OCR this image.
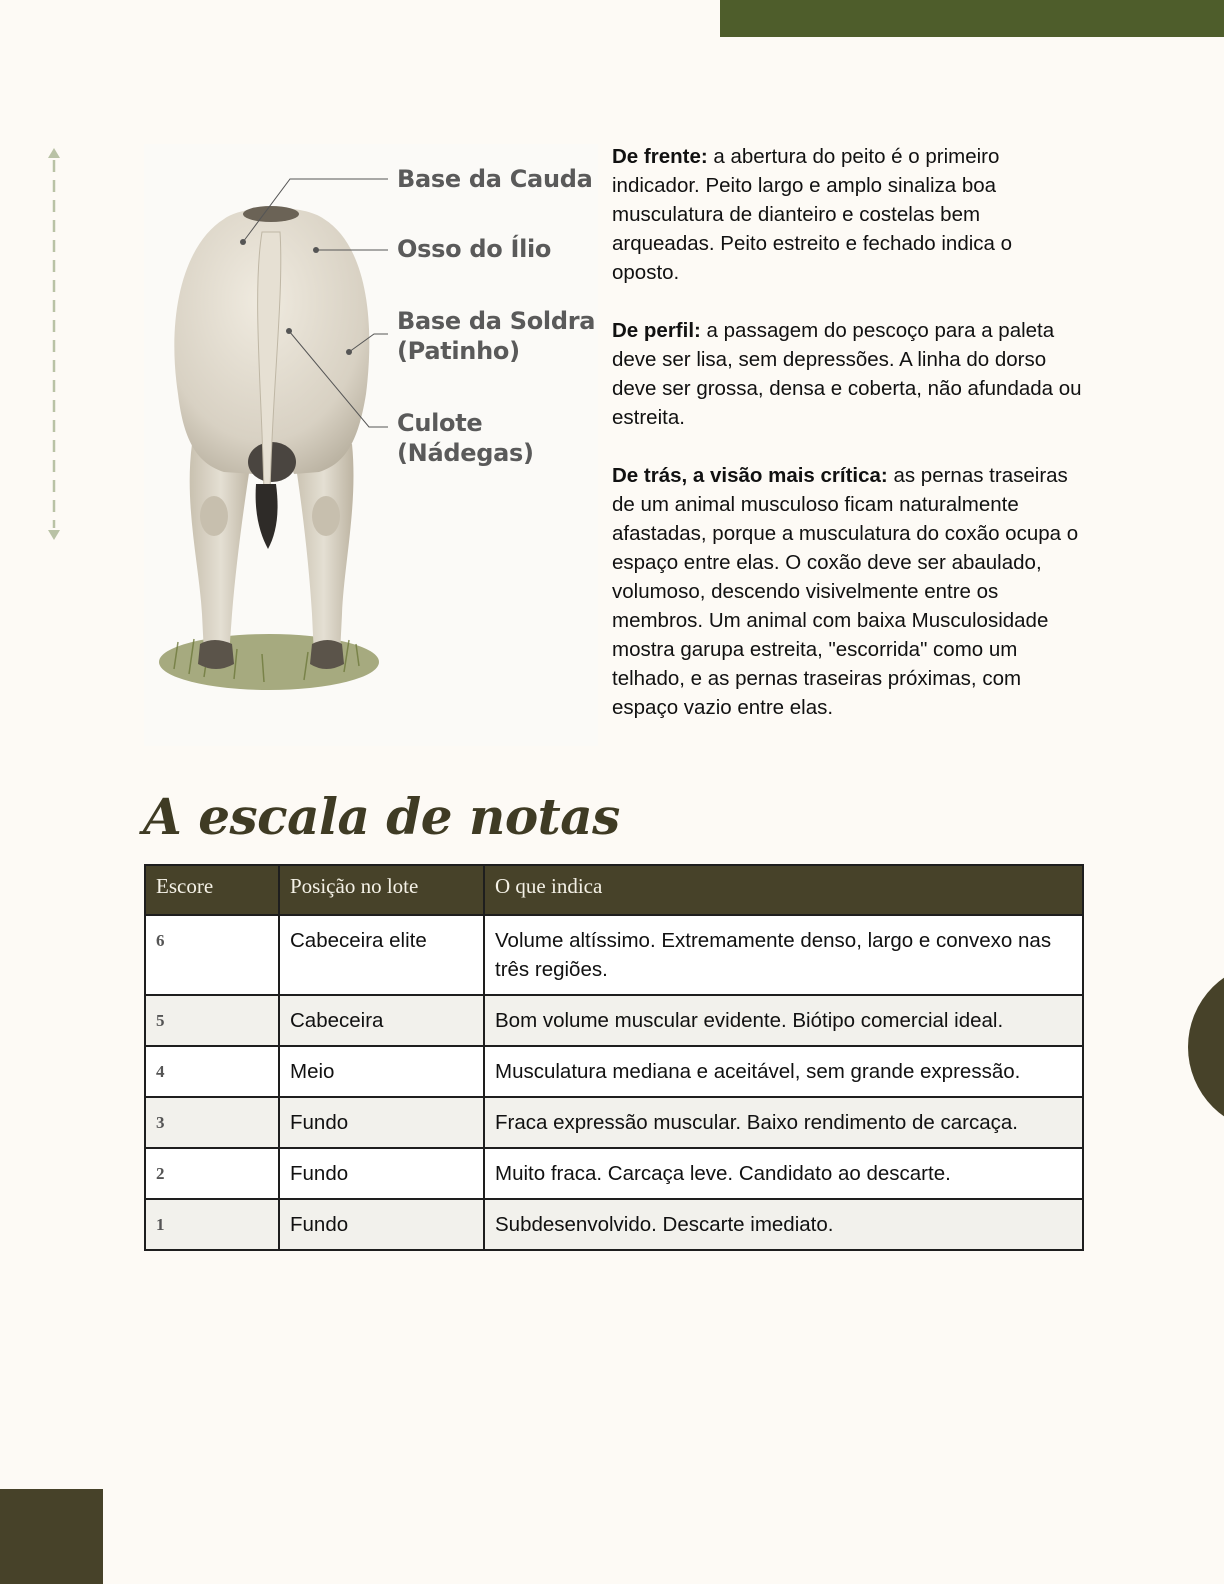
Base da Cauda
Osso do Ílio
Base da Soldra
(Patinho)
Culote
(Nádegas)

De frente: a abertura do peito é o primeiro indicador. Peito largo e amplo sinaliza boa musculatura de dianteiro e costelas bem arqueadas. Peito estreito e fechado indica o oposto.

De perfil: a passagem do pescoço para a paleta deve ser lisa, sem depressões. A linha do dorso deve ser grossa, densa e coberta, não afundada ou estreita.

De trás, a visão mais crítica: as pernas traseiras de um animal musculoso ficam naturalmente afastadas, porque a musculatura do coxão ocupa o espaço entre elas. O coxão deve ser abaulado, volumoso, descendo visivelmente entre os membros. Um animal com baixa Musculosidade mostra garupa estreita, "escorrida" como um telhado, e as pernas traseiras próximas, com espaço vazio entre elas.

A escala de notas
Escore	Posição no lote	O que indica
6	Cabeceira elite	Volume altíssimo. Extremamente denso, largo e convexo nas três regiões.
5	Cabeceira	Bom volume muscular evidente. Biótipo comercial ideal.
4	Meio	Musculatura mediana e aceitável, sem grande expressão.
3	Fundo	Fraca expressão muscular. Baixo rendimento de carcaça.
2	Fundo	Muito fraca. Carcaça leve. Candidato ao descarte.
1	Fundo	Subdesenvolvido. Descarte imediato.
